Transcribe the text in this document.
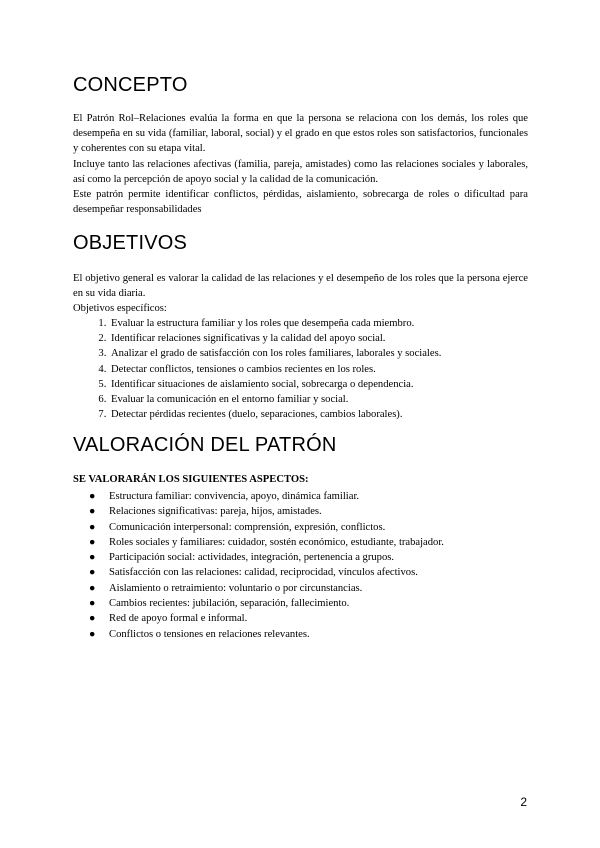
CONCEPTO

El Patrón Rol–Relaciones evalúa la forma en que la persona se relaciona con los demás, los roles que desempeña en su vida (familiar, laboral, social) y el grado en que estos roles son satisfactorios, funcionales y coherentes con su etapa vital.

Incluye tanto las relaciones afectivas (familia, pareja, amistades) como las relaciones sociales y laborales, así como la percepción de apoyo social y la calidad de la comunicación.

Este patrón permite identificar conflictos, pérdidas, aislamiento, sobrecarga de roles o dificultad para desempeñar responsabilidades

OBJETIVOS

El objetivo general es valorar la calidad de las relaciones y el desempeño de los roles que la persona ejerce en su vida diaria.

Objetivos específicos:

1. Evaluar la estructura familiar y los roles que desempeña cada miembro.
2. Identificar relaciones significativas y la calidad del apoyo social.
3. Analizar el grado de satisfacción con los roles familiares, laborales y sociales.
4. Detectar conflictos, tensiones o cambios recientes en los roles.
5. Identificar situaciones de aislamiento social, sobrecarga o dependencia.
6. Evaluar la comunicación en el entorno familiar y social.
7. Detectar pérdidas recientes (duelo, separaciones, cambios laborales).
VALORACIÓN DEL PATRÓN

SE VALORARÁN LOS SIGUIENTES ASPECTOS:

● Estructura familiar: convivencia, apoyo, dinámica familiar.
● Relaciones significativas: pareja, hijos, amistades.
● Comunicación interpersonal: comprensión, expresión, conflictos.
● Roles sociales y familiares: cuidador, sostén económico, estudiante, trabajador.
● Participación social: actividades, integración, pertenencia a grupos.
● Satisfacción con las relaciones: calidad, reciprocidad, vínculos afectivos.
● Aislamiento o retraimiento: voluntario o por circunstancias.
● Cambios recientes: jubilación, separación, fallecimiento.
● Red de apoyo formal e informal.
● Conflictos o tensiones en relaciones relevantes.
2
